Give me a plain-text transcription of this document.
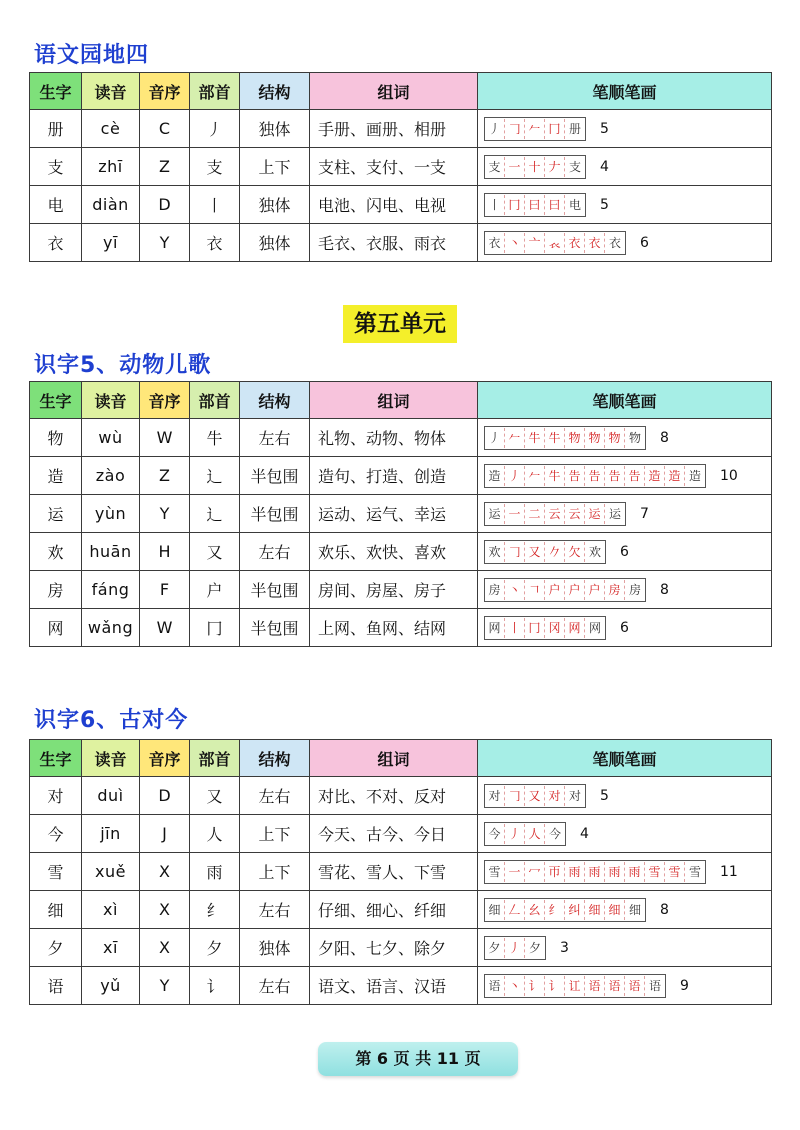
语文园地四
生字	读音	音序	部首	结构	组词	笔顺笔画
册	cè	C	丿	独体	手册、画册、相册	丿 𠃌 𠂉 冂 册 5
支	zhī	Z	支	上下	支柱、支付、一支	支 一 十 𠂇 支 4
电	diàn	D	丨	独体	电池、闪电、电视	丨 冂 曰 曰 电 5
衣	yī	Y	衣	独体	毛衣、衣服、雨衣	衣 丶 亠 𧘇 衣 衣 衣 6
第五单元
识字5、动物儿歌
生字	读音	音序	部首	结构	组词	笔顺笔画
物	wù	W	牛	左右	礼物、动物、物体	丿 𠂉 牛 牛 物 物 物 物 8
造	zào	Z	辶	半包围	造句、打造、创造	造 丿 𠂉 牛 告 告 告 告 造 造 造 10
运	yùn	Y	辶	半包围	运动、运气、幸运	运 一 二 云 云 运 运 7
欢	huān	H	又	左右	欢乐、欢快、喜欢	欢 𠃌 又 𠂊 欠 欢 6
房	fáng	F	户	半包围	房间、房屋、房子	房 丶 𠃍 户 户 户 房 房 8
网	wǎng	W	冂	半包围	上网、鱼网、结网	网 丨 冂 冈 网 网 6
识字6、古对今
生字	读音	音序	部首	结构	组词	笔顺笔画
对	duì	D	又	左右	对比、不对、反对	对 𠃌 又 对 对 5
今	jīn	J	人	上下	今天、古今、今日	今 丿 人 今 4
雪	xuě	X	雨	上下	雪花、雪人、下雪	雪 一 冖 帀 雨 雨 雨 雨 雪 雪 雪 11
细	xì	X	纟	左右	仔细、细心、纤细	细 𠃋 幺 纟 纠 细 细 细 8
夕	xī	X	夕	独体	夕阳、七夕、除夕	夕 丿 夕 3
语	yǔ	Y	讠	左右	语文、语言、汉语	语 丶 讠 讠 讧 语 语 语 语 9
第 6 页 共 11 页
